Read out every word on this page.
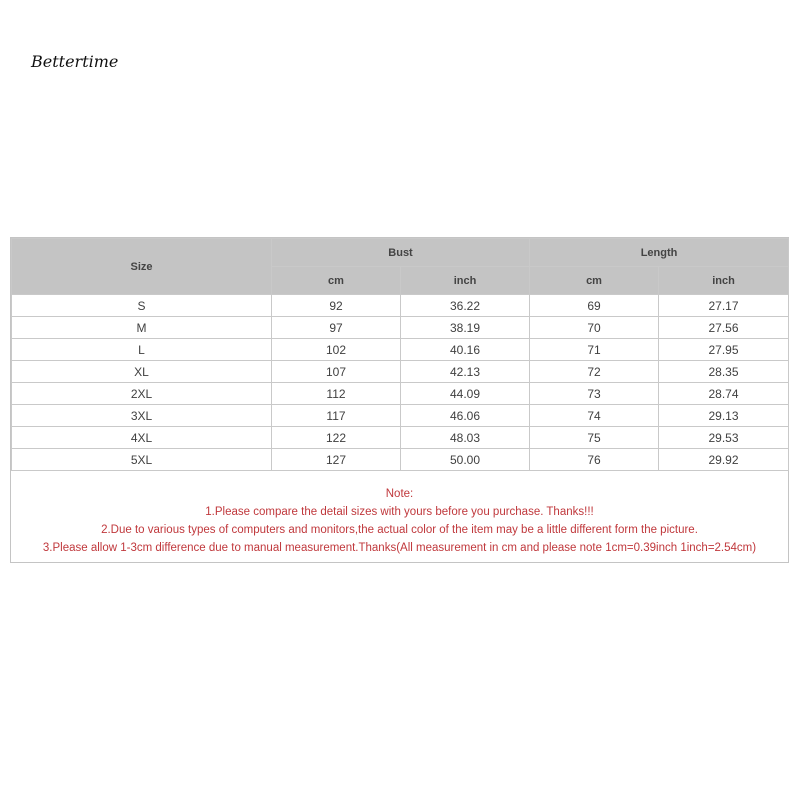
Bettertime
Size	Bust		Length	
	cm	inch	cm	inch
S	92	36.22	69	27.17
M	97	38.19	70	27.56
L	102	40.16	71	27.95
XL	107	42.13	72	28.35
2XL	112	44.09	73	28.74
3XL	117	46.06	74	29.13
4XL	122	48.03	75	29.53
5XL	127	50.00	76	29.92
Note:
1.Please compare the detail sizes with yours before you purchase. Thanks!!!
2.Due to various types of computers and monitors,the actual color of the item may be a little different form the picture.
3.Please allow 1-3cm difference due to manual measurement.Thanks(All measurement in cm and please note 1cm=0.39inch 1inch=2.54cm)
